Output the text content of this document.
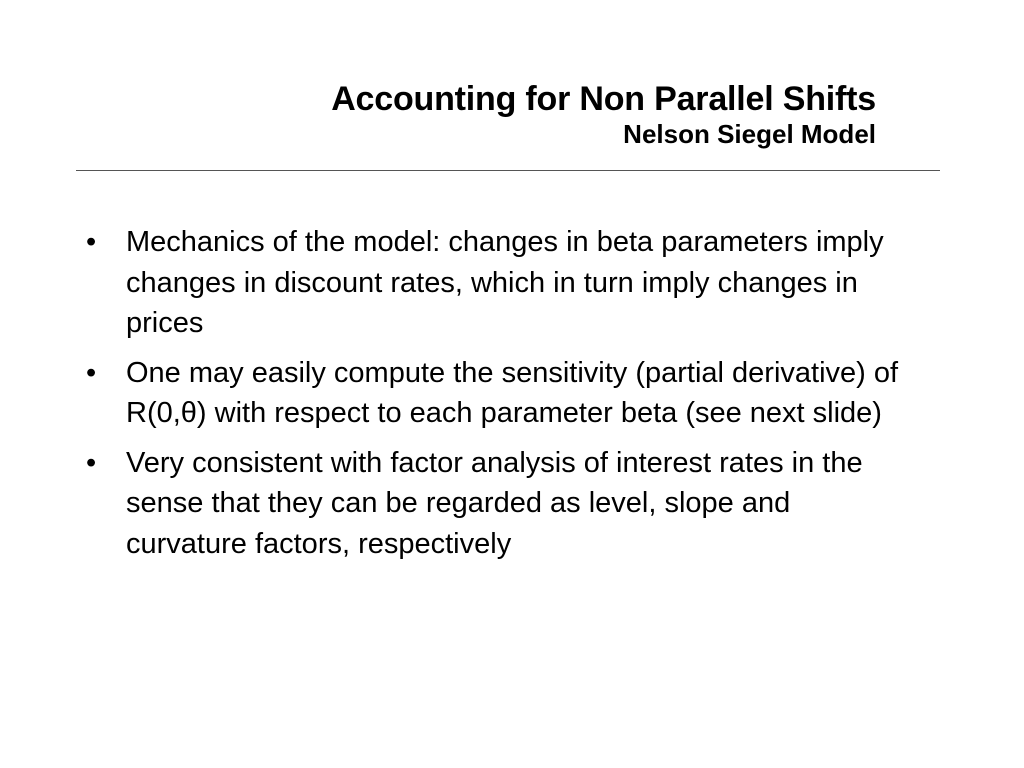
Accounting for Non Parallel Shifts
Nelson Siegel Model
•	Mechanics of the model: changes in beta parameters imply changes in discount rates, which in turn imply changes in prices
•	One may easily compute the sensitivity (partial derivative) of R(0,θ) with respect to each parameter beta (see next slide)
•	Very consistent with factor analysis of interest rates in the sense that they can be regarded as level, slope and curvature factors, respectively
